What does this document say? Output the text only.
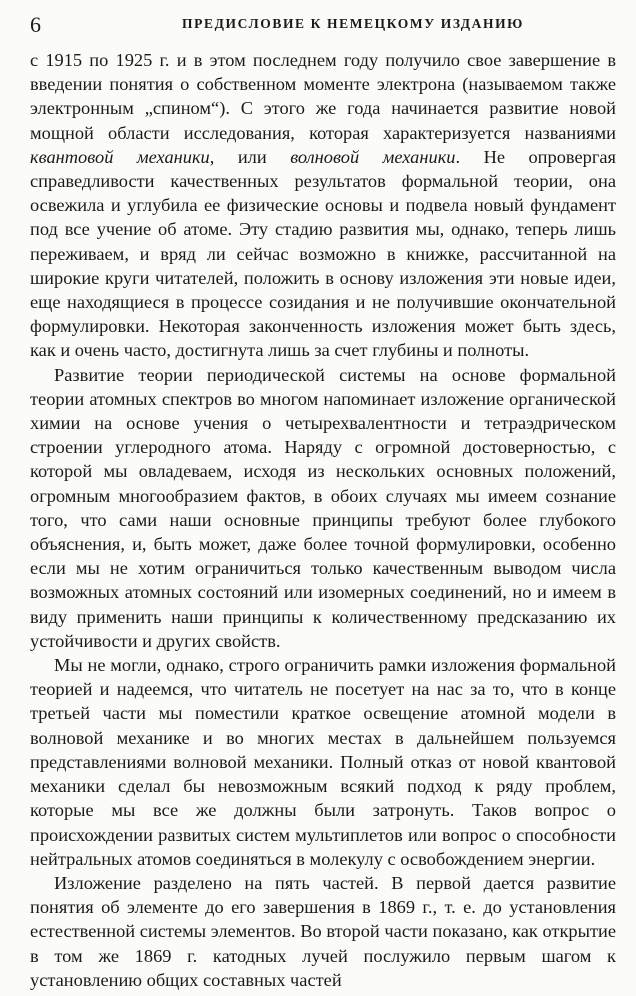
6	ПРЕДИСЛОВИЕ К НЕМЕЦКОМУ ИЗДАНИЮ

с 1915 по 1925 г. и в этом последнем году получило свое завершение в введении понятия о собственном моменте электрона (называемом также электронным „спином“). С этого же года начинается развитие новой мощной области исследования, которая характеризуется названиями квантовой механики, или волновой механики. Не опровергая справедливости качественных результатов формальной теории, она освежила и углубила ее физические основы и подвела новый фундамент под все учение об атоме. Эту стадию развития мы, однако, теперь лишь переживаем, и вряд ли сейчас возможно в книжке, рассчитанной на широкие круги читателей, положить в основу изложения эти новые идеи, еще находящиеся в процессе созидания и не получившие окончательной формулировки. Некоторая законченность изложения может быть здесь, как и очень часто, достигнута лишь за счет глубины и полноты.

Развитие теории периодической системы на основе формальной теории атомных спектров во многом напоминает изложение органической химии на основе учения о четырехвалентности и тетраэдрическом строении углеродного атома. Наряду с огромной достоверностью, с которой мы овладеваем, исходя из нескольких основных положений, огромным многообразием фактов, в обоих случаях мы имеем сознание того, что сами наши основные принципы требуют более глубокого объяснения, и, быть может, даже более точной формулировки, особенно если мы не хотим ограничиться только качественным выводом числа возможных атомных состояний или изомерных соединений, но и имеем в виду применить наши принципы к количественному предсказанию их устойчивости и других свойств.

Мы не могли, однако, строго ограничить рамки изложения формальной теорией и надеемся, что читатель не посетует на нас за то, что в конце третьей части мы поместили краткое освещение атомной модели в волновой механике и во многих местах в дальнейшем пользуемся представлениями волновой механики. Полный отказ от новой квантовой механики сделал бы невозможным всякий подход к ряду проблем, которые мы все же должны были затронуть. Таков вопрос о происхождении развитых систем мультиплетов или вопрос о способности нейтральных атомов соединяться в молекулу с освобождением энергии.

Изложение разделено на пять частей. В первой дается развитие понятия об элементе до его завершения в 1869 г., т. е. до установления естественной системы элементов. Во второй части показано, как открытие в том же 1869 г. катодных лучей послужило первым шагом к установлению общих составных частей
